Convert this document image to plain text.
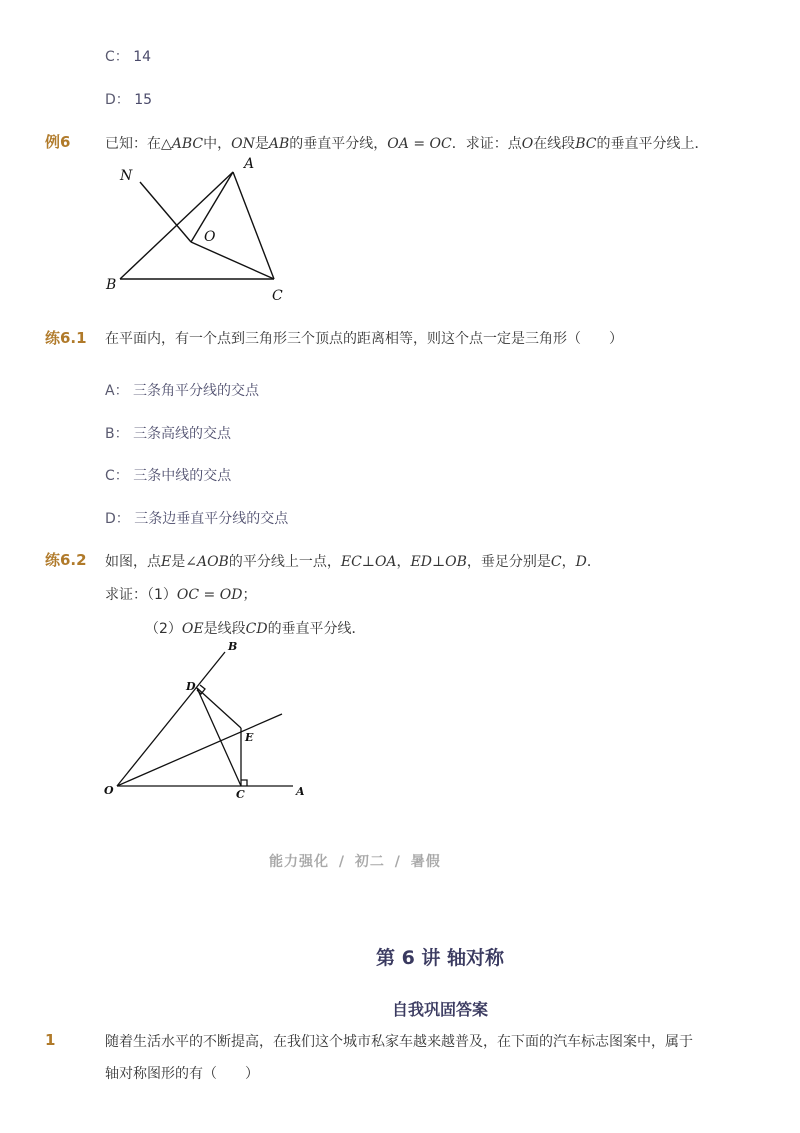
C： 14
D： 15
例6 已知：在△ABC中，ON是AB的垂直平分线，OA = OC．求证：点O在线段BC的垂直平分线上．
N
A
O
B
C
练6.1 在平面内，有一个点到三角形三个顶点的距离相等，则这个点一定是三角形（　　）
A： 三条角平分线的交点
B： 三条高线的交点
C： 三条中线的交点
D： 三条边垂直平分线的交点
练6.2 如图，点E是∠AOB的平分线上一点，EC⊥OA，ED⊥OB，垂足分别是C，D．
求证：（1）OC = OD；
（2）OE是线段CD的垂直平分线．
B
D
E
O	C	A
能力强化 / 初二 / 暑假
第 6 讲 轴对称
自我巩固答案
1	随着生活水平的不断提高，在我们这个城市私家车越来越普及，在下面的汽车标志图案中，属于
轴对称图形的有（　　）
